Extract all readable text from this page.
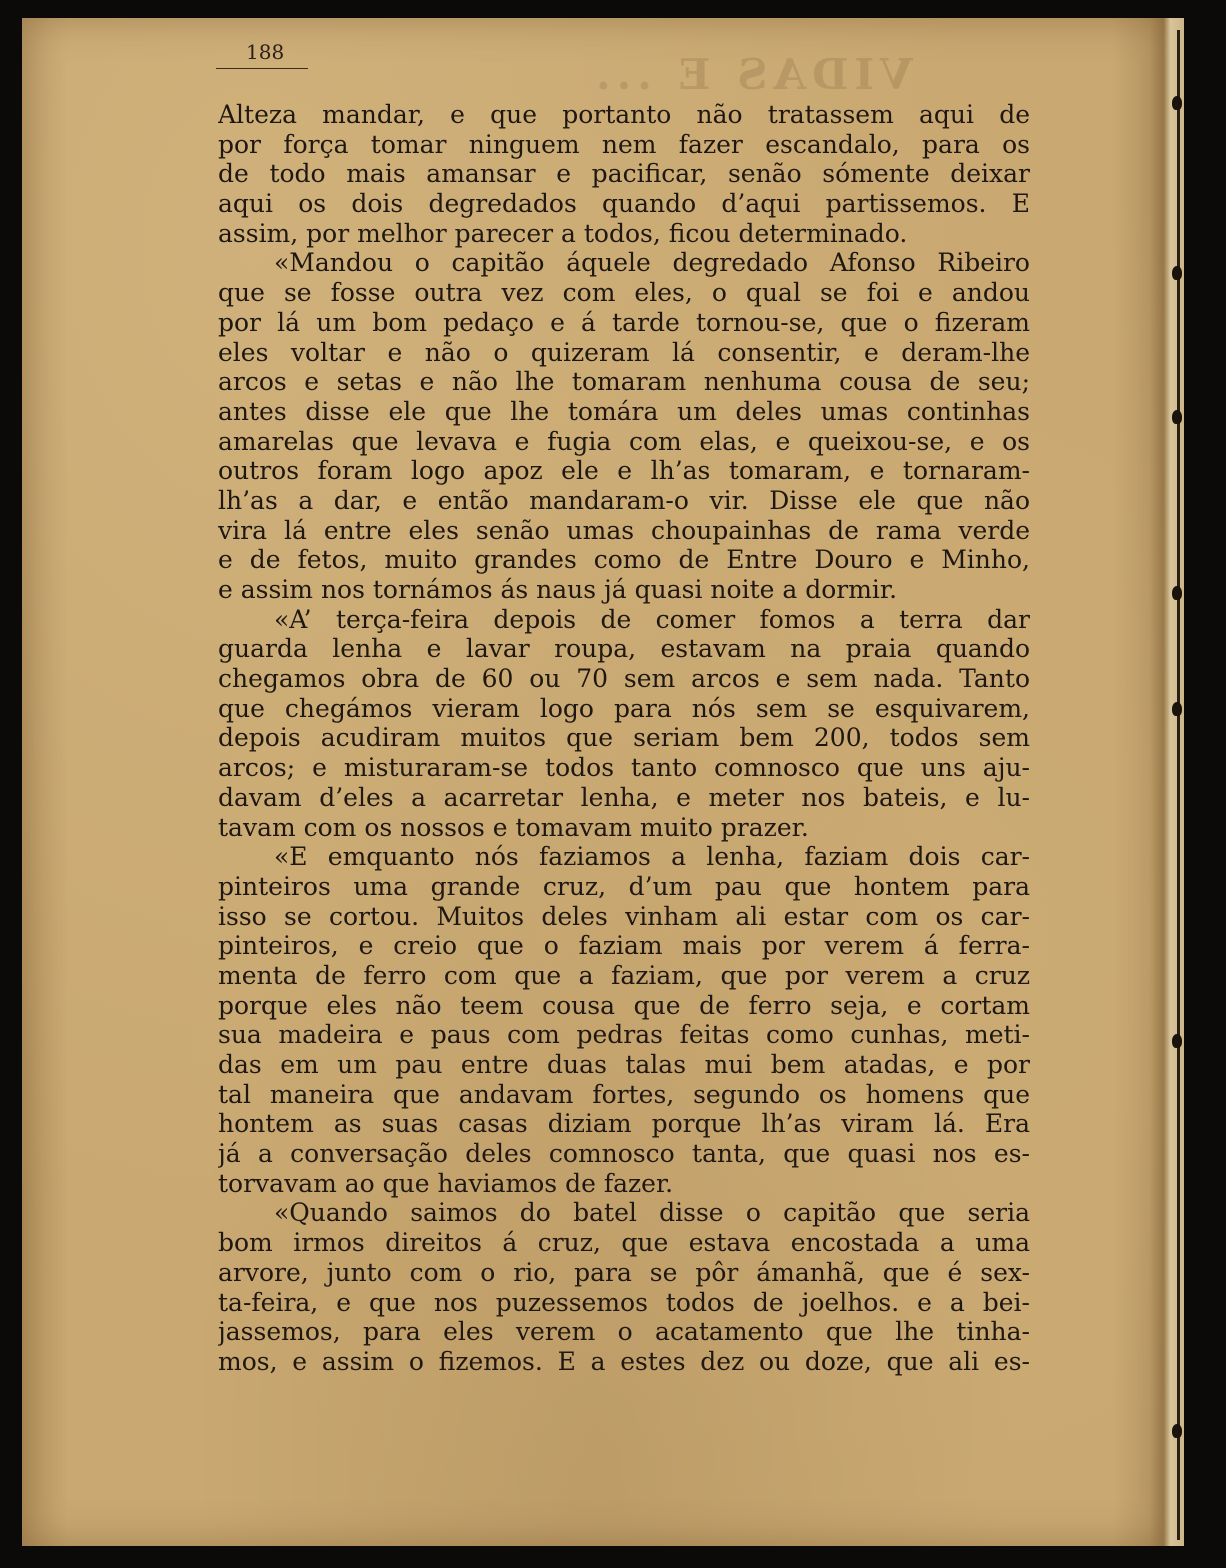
VIDAS E ...
188
Alteza mandar, e que portanto não tratassem aqui de
por força tomar ninguem nem fazer escandalo, para os
de todo mais amansar e pacificar, senão sómente deixar
aqui os dois degredados quando d’aqui partissemos. E
assim, por melhor parecer a todos, ficou determinado.
«Mandou o capitão áquele degredado Afonso Ribeiro
que se fosse outra vez com eles, o qual se foi e andou
por lá um bom pedaço e á tarde tornou-se, que o fizeram
eles voltar e não o quizeram lá consentir, e deram-lhe
arcos e setas e não lhe tomaram nenhuma cousa de seu;
antes disse ele que lhe tomára um deles umas continhas
amarelas que levava e fugia com elas, e queixou-se, e os
outros foram logo apoz ele e lh’as tomaram, e tornaram-
lh’as a dar, e então mandaram-o vir. Disse ele que não
vira lá entre eles senão umas choupainhas de rama verde
e de fetos, muito grandes como de Entre Douro e Minho,
e assim nos tornámos ás naus já quasi noite a dormir.
«A’ terça-feira depois de comer fomos a terra dar
guarda lenha e lavar roupa, estavam na praia quando
chegamos obra de 60 ou 70 sem arcos e sem nada. Tanto
que chegámos vieram logo para nós sem se esquivarem,
depois acudiram muitos que seriam bem 200, todos sem
arcos; e misturaram-se todos tanto comnosco que uns aju-
davam d’eles a acarretar lenha, e meter nos bateis, e lu-
tavam com os nossos e tomavam muito prazer.
«E emquanto nós faziamos a lenha, faziam dois car-
pinteiros uma grande cruz, d’um pau que hontem para
isso se cortou. Muitos deles vinham ali estar com os car-
pinteiros, e creio que o faziam mais por verem á ferra-
menta de ferro com que a faziam, que por verem a cruz
porque eles não teem cousa que de ferro seja, e cortam
sua madeira e paus com pedras feitas como cunhas, meti-
das em um pau entre duas talas mui bem atadas, e por
tal maneira que andavam fortes, segundo os homens que
hontem as suas casas diziam porque lh’as viram lá. Era
já a conversação deles comnosco tanta, que quasi nos es-
torvavam ao que haviamos de fazer.
«Quando saimos do batel disse o capitão que seria
bom irmos direitos á cruz, que estava encostada a uma
arvore, junto com o rio, para se pôr ámanhã, que é sex-
ta-feira, e que nos puzessemos todos de joelhos. e a bei-
jassemos, para eles verem o acatamento que lhe tinha-
mos, e assim o fizemos. E a estes dez ou doze, que ali es-
